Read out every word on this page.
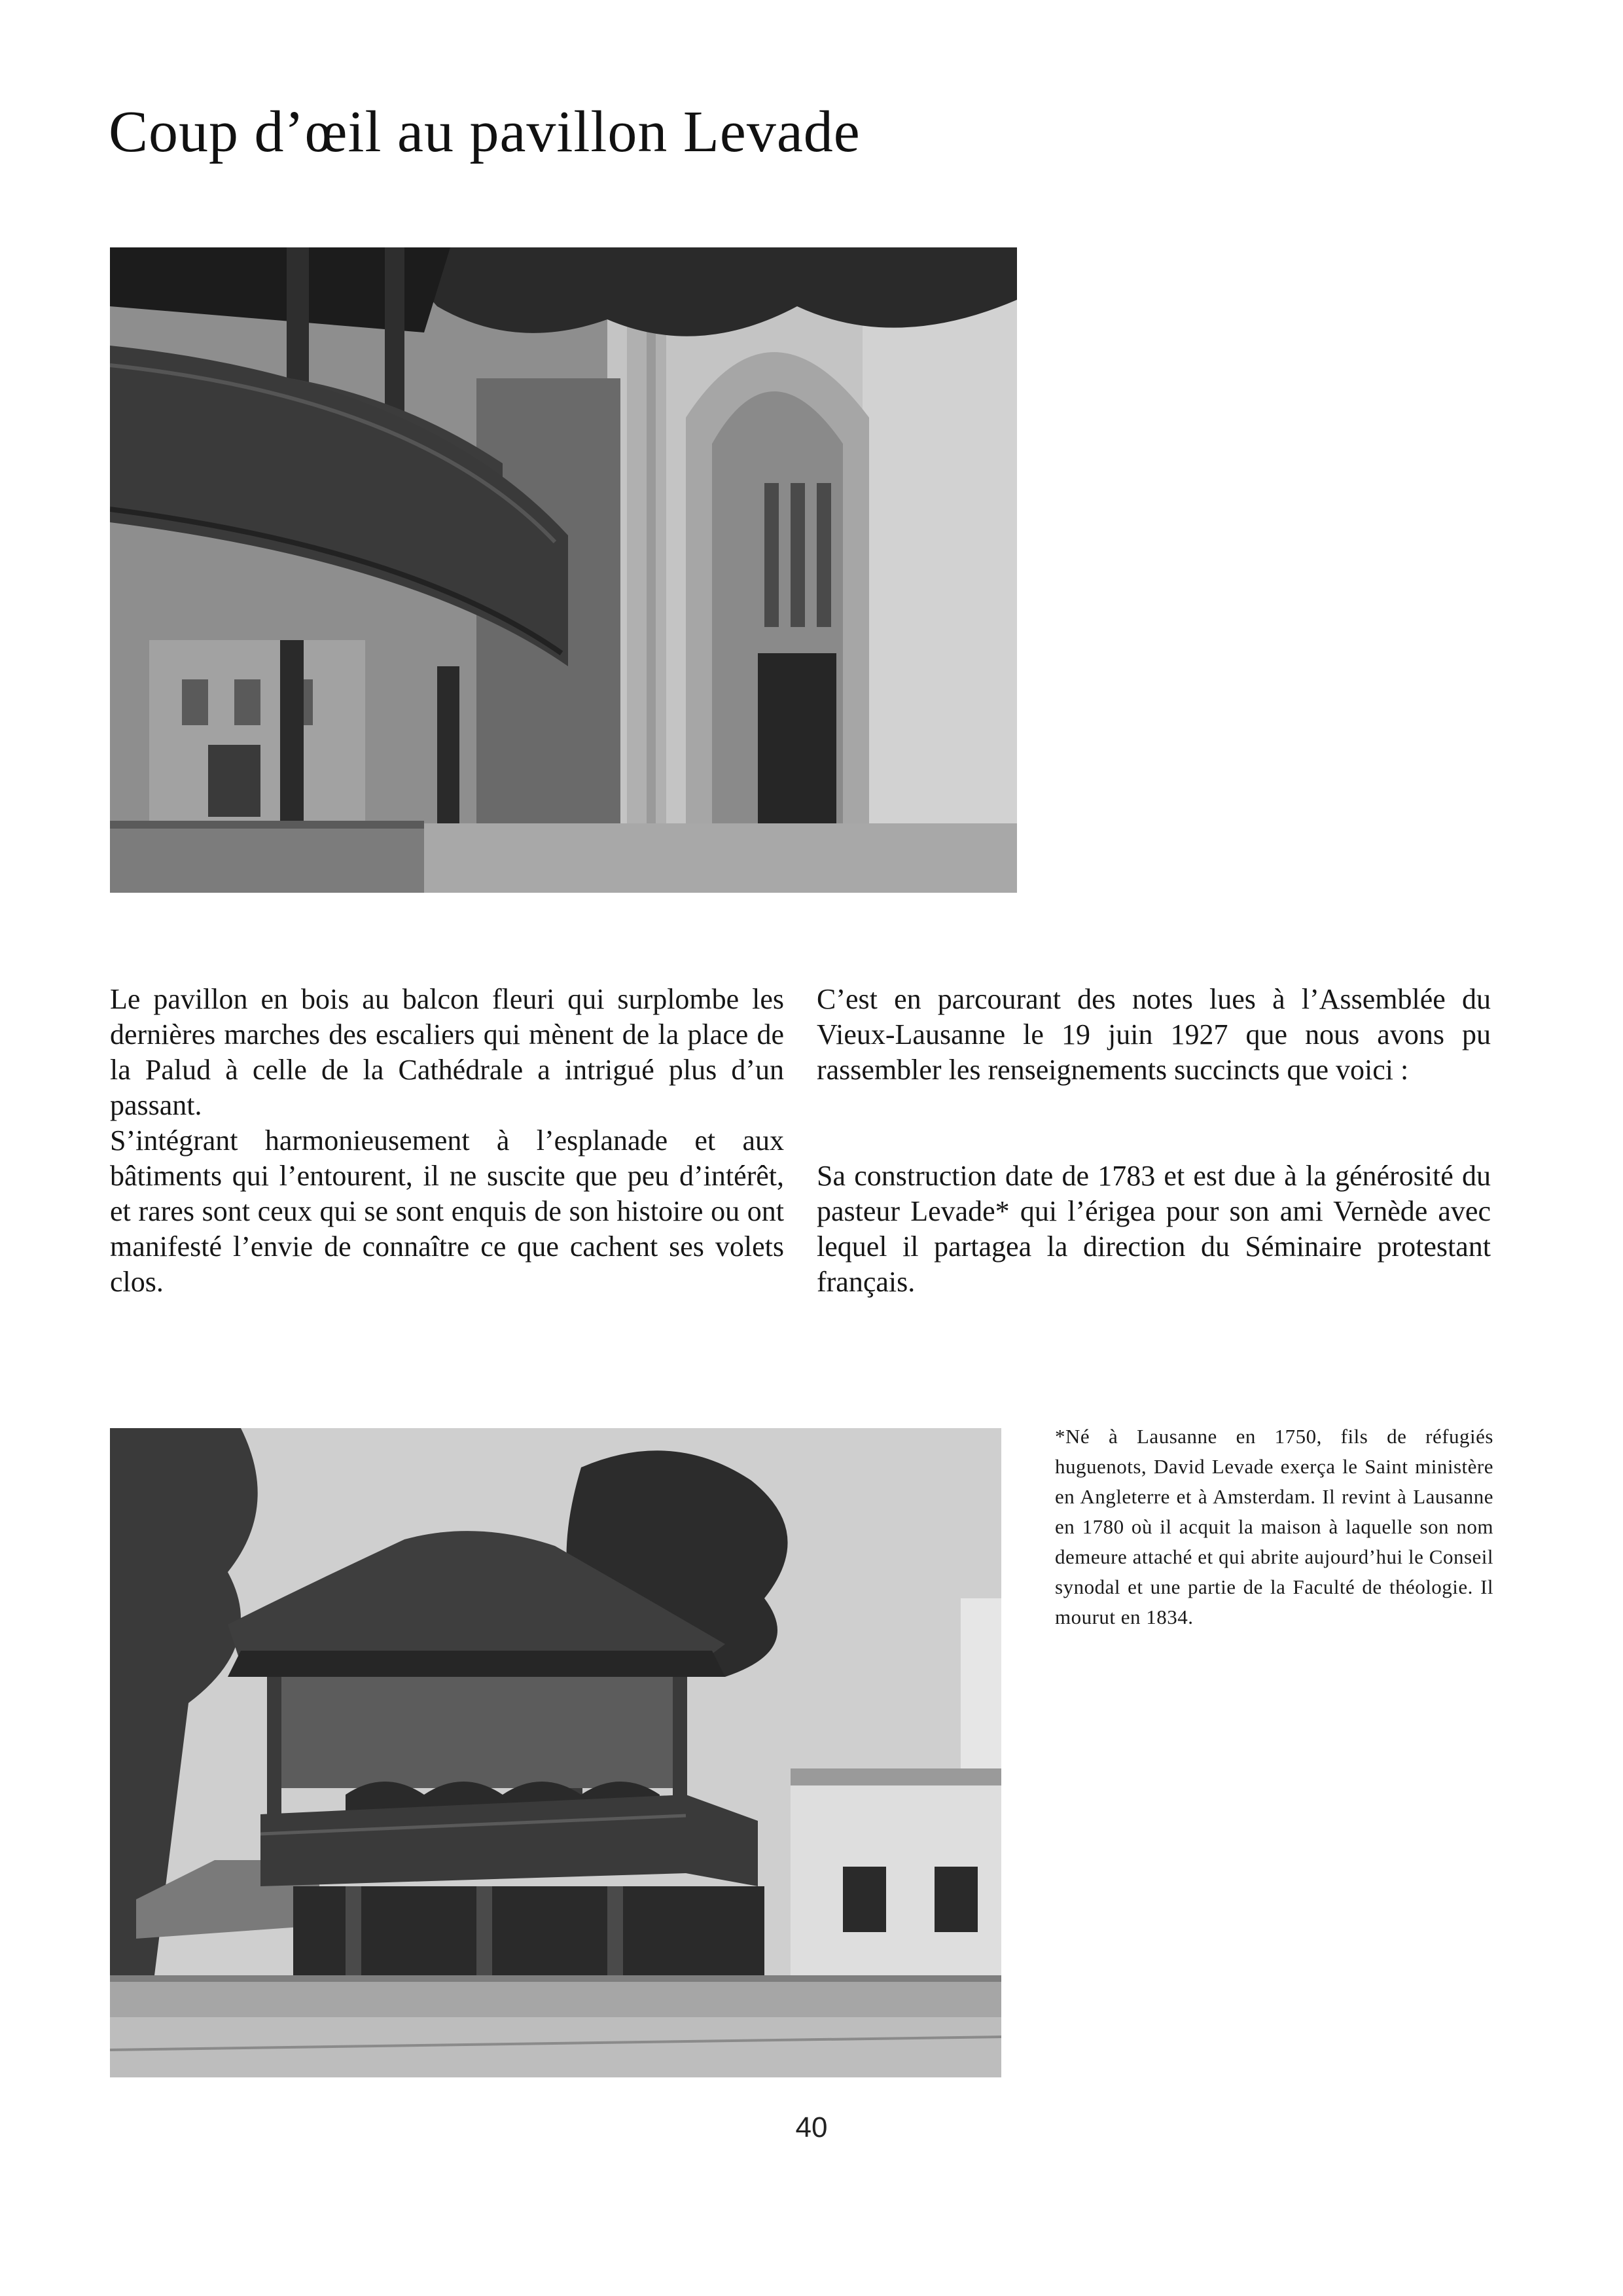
Coup d’œil au pavillon Levade

Le pavillon en bois au balcon fleuri qui surplombe les dernières marches des escaliers qui mènent de la place de la Palud à celle de la Cathédrale a intrigué plus d’un passant.

S’intégrant harmonieusement à l’esplanade et aux bâtiments qui l’entourent, il ne suscite que peu d’intérêt, et rares sont ceux qui se sont enquis de son histoire ou ont manifesté l’envie de connaître ce que cachent ses volets clos.

C’est en parcourant des notes lues à l’Assemblée du Vieux-Lausanne le 19 juin 1927 que nous avons pu rassembler les renseignements succincts que voici :

Sa construction date de 1783 et est due à la générosité du pasteur Levade* qui l’érigea pour son ami Vernède avec lequel il partagea la direction du Séminaire protestant français.

*Né à Lausanne en 1750, fils de réfugiés huguenots, David Levade exerça le Saint ministère en Angleterre et à Amsterdam. Il revint à Lausanne en 1780 où il acquit la maison à laquelle son nom demeure attaché et qui abrite aujourd’hui le Conseil synodal et une partie de la Faculté de théologie. Il mourut en 1834.
40
